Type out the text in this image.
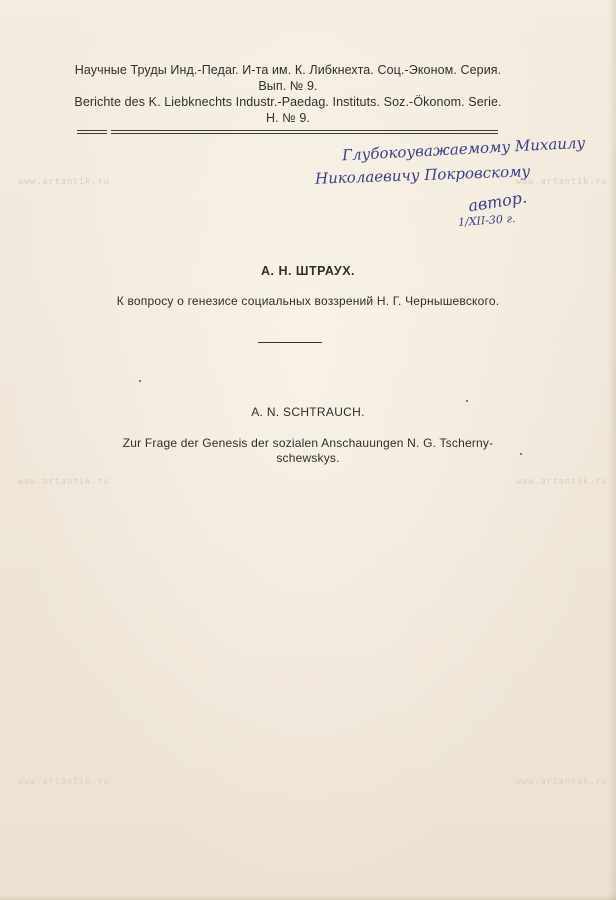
Научные Труды Инд.-Педаг. И-та им. К. Либкнехта. Соц.-Эконом. Серия.
Вып. № 9.
Berichte des K. Liebknechts Industr.-Paedag. Instituts. Soz.-Ökonom. Serie.
H. № 9.
Глубокоуважаемому Михаилу
Николаевичу Покровскому
автор.
1/XII-30 г.
А. Н. ШТРАУХ.
К вопросу о генезисе социальных воззрений Н. Г. Чернышевского.
A. N. SCHTRAUCH.
Zur Frage der Genesis der sozialen Anschauungen N. G. Tscherny-
schewskys.
www.artantik.ru	www.artantik.ru
www.artantik.ru	www.artantik.ru
www.artantik.ru	www.artantik.ru
